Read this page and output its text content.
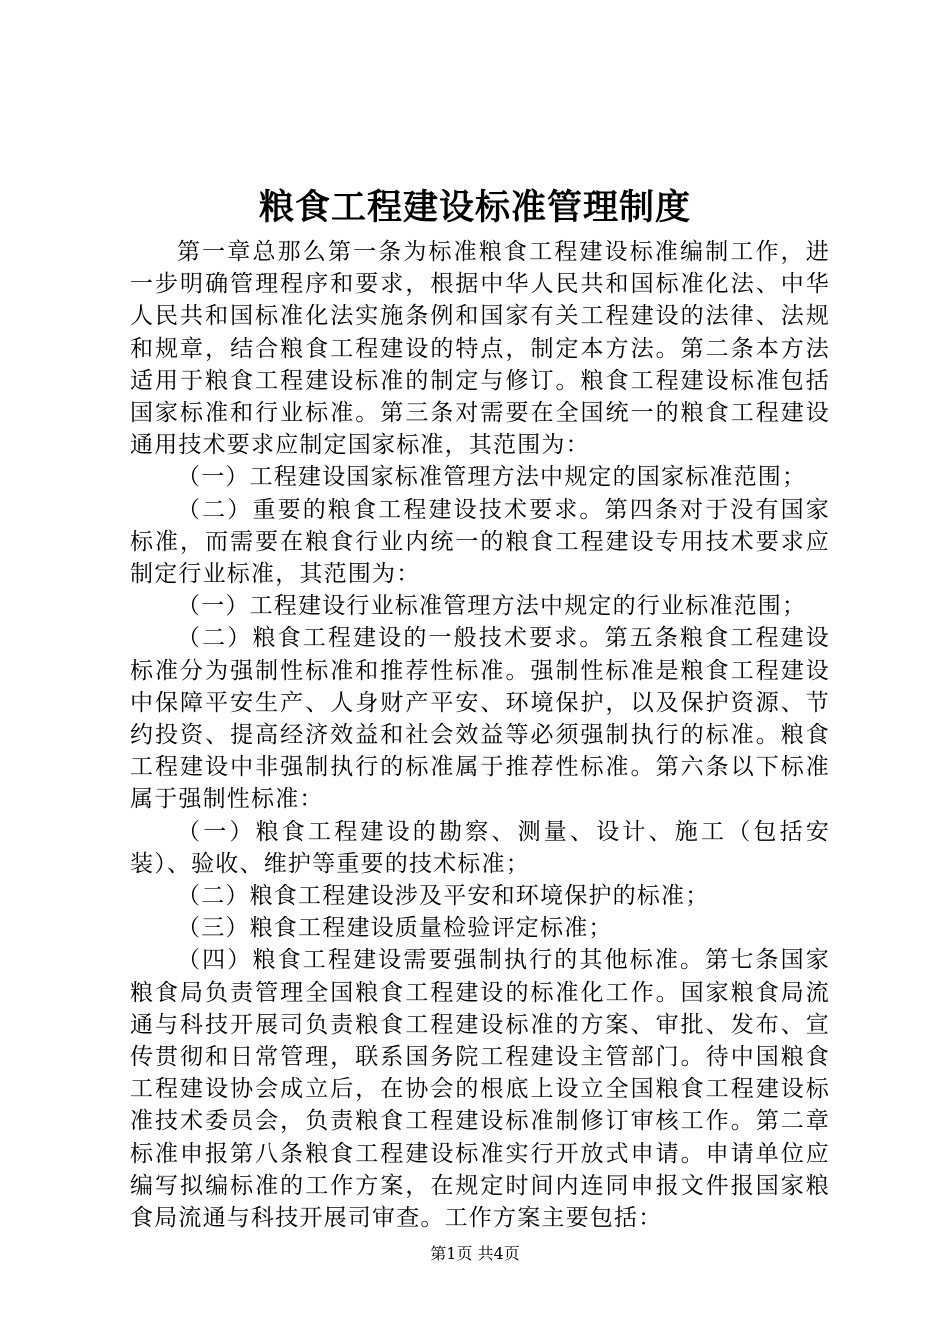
粮食工程建设标准管理制度

第一章总那么第一条为标准粮食工程建设标准编制工作，进一步明确管理程序和要求，根据中华人民共和国标准化法、中华人民共和国标准化法实施条例和国家有关工程建设的法律、法规和规章，结合粮食工程建设的特点，制定本方法。第二条本方法适用于粮食工程建设标准的制定与修订。粮食工程建设标准包括国家标准和行业标准。第三条对需要在全国统一的粮食工程建设通用技术要求应制定国家标准，其范围为：

（一）工程建设国家标准管理方法中规定的国家标准范围；

（二）重要的粮食工程建设技术要求。第四条对于没有国家标准，而需要在粮食行业内统一的粮食工程建设专用技术要求应制定行业标准，其范围为：

（一）工程建设行业标准管理方法中规定的行业标准范围；

（二）粮食工程建设的一般技术要求。第五条粮食工程建设标准分为强制性标准和推荐性标准。强制性标准是粮食工程建设中保障平安生产、人身财产平安、环境保护，以及保护资源、节约投资、提高经济效益和社会效益等必须强制执行的标准。粮食工程建设中非强制执行的标准属于推荐性标准。第六条以下标准属于强制性标准：

（一）粮食工程建设的勘察、测量、设计、施工（包括安装）、验收、维护等重要的技术标准；

（二）粮食工程建设涉及平安和环境保护的标准；

（三）粮食工程建设质量检验评定标准；

（四）粮食工程建设需要强制执行的其他标准。第七条国家粮食局负责管理全国粮食工程建设的标准化工作。国家粮食局流通与科技开展司负责粮食工程建设标准的方案、审批、发布、宣传贯彻和日常管理，联系国务院工程建设主管部门。待中国粮食工程建设协会成立后，在协会的根底上设立全国粮食工程建设标准技术委员会，负责粮食工程建设标准制修订审核工作。第二章标准申报第八条粮食工程建设标准实行开放式申请。申请单位应编写拟编标准的工作方案，在规定时间内连同申报文件报国家粮食局流通与科技开展司审查。工作方案主要包括：

第1页 共4页
